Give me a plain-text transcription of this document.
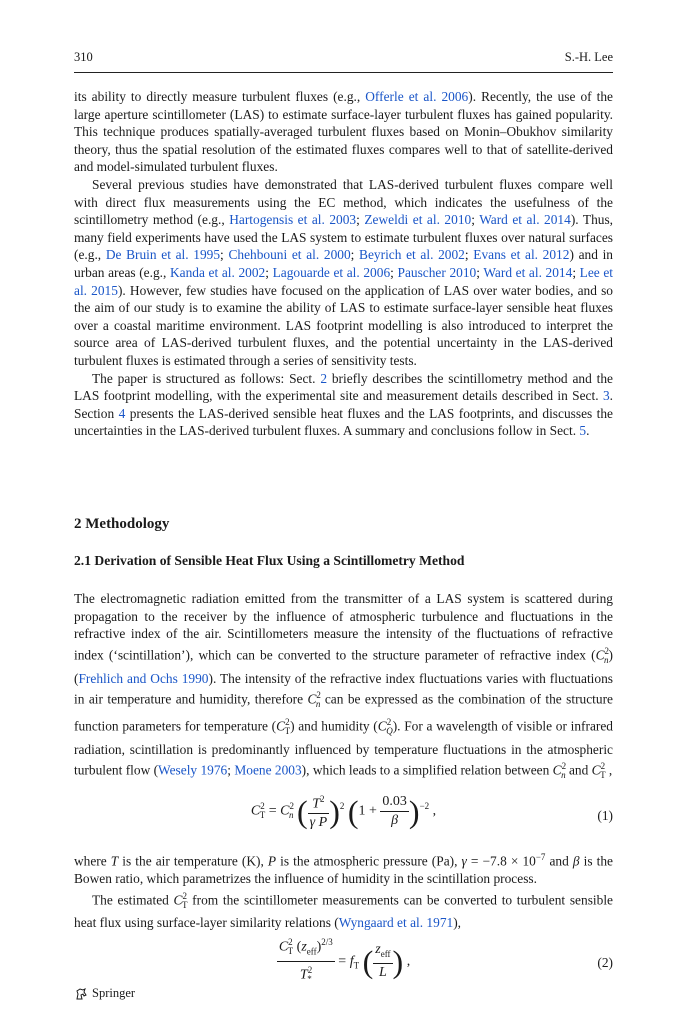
310	S.-H. Lee

its ability to directly measure turbulent fluxes (e.g., Offerle et al. 2006). Recently, the use of the large aperture scintillometer (LAS) to estimate surface-layer turbulent fluxes has gained popularity. This technique produces spatially-averaged turbulent fluxes based on Monin–Obukhov similarity theory, thus the spatial resolution of the estimated fluxes compares well to that of satellite-derived and model-simulated turbulent fluxes.

Several previous studies have demonstrated that LAS-derived turbulent fluxes compare well with direct flux measurements using the EC method, which indicates the usefulness of the scintillometry method (e.g., Hartogensis et al. 2003; Zeweldi et al. 2010; Ward et al. 2014). Thus, many field experiments have used the LAS system to estimate turbulent fluxes over natural surfaces (e.g., De Bruin et al. 1995; Chehbouni et al. 2000; Beyrich et al. 2002; Evans et al. 2012) and in urban areas (e.g., Kanda et al. 2002; Lagouarde et al. 2006; Pauscher 2010; Ward et al. 2014; Lee et al. 2015). However, few studies have focused on the application of LAS over water bodies, and so the aim of our study is to examine the ability of LAS to estimate surface-layer sensible heat fluxes over a coastal maritime environment. LAS footprint modelling is also introduced to interpret the source area of LAS-derived turbulent fluxes, and the potential uncertainty in the LAS-derived turbulent fluxes is estimated through a series of sensitivity tests.

The paper is structured as follows: Sect. 2 briefly describes the scintillometry method and the LAS footprint modelling, with the experimental site and measurement details described in Sect. 3. Section 4 presents the LAS-derived sensible heat fluxes and the LAS footprints, and discusses the uncertainties in the LAS-derived turbulent fluxes. A summary and conclusions follow in Sect. 5.

2 Methodology
2.1 Derivation of Sensible Heat Flux Using a Scintillometry Method

The electromagnetic radiation emitted from the transmitter of a LAS system is scattered during propagation to the receiver by the influence of atmospheric turbulence and fluctuations in the refractive index of the air. Scintillometers measure the intensity of the fluctuations of refractive index (‘scintillation’), which can be converted to the structure parameter of refractive index $(C^2_n)$ (Frehlich and Ochs 1990). The intensity of the refractive index fluctuations varies with fluctuations in air temperature and humidity, therefore $C^2_n$ can be expressed as the combination of the structure function parameters for temperature $(C^2_T)$ and humidity $(C^2_Q)$. For a wavelength of visible or infrared radiation, scintillation is predominantly influenced by temperature fluctuations in the atmospheric turbulent flow (Wesely 1976; Moene 2003), which leads to a simplified relation between $C^2_n$ and $C^2_T$ ,

$C^2_T = C^2_n$ ( $\frac{T^2}{\text{γ P}} )^2$ $(1 + \frac{0.03}{\beta} )^{-2}$ ,	(1)

where T is the air temperature (K), P is the atmospheric pressure (Pa), $\gamma = -7.8 \times 10^{-7}$ and β is the Bowen ratio, which parametrizes the influence of humidity in the scintillation process.

The estimated $C^2_T$ from the scintillometer measurements can be converted to turbulent sensible heat flux using surface-layer similarity relations (Wyngaard et al. 1971),

$\frac{C^2_T (z_{eff})^{2/3}}{T^2_*} = f_T$ ( $\frac{z_{eff}}{L}$ ) ,	(2)
Springer
